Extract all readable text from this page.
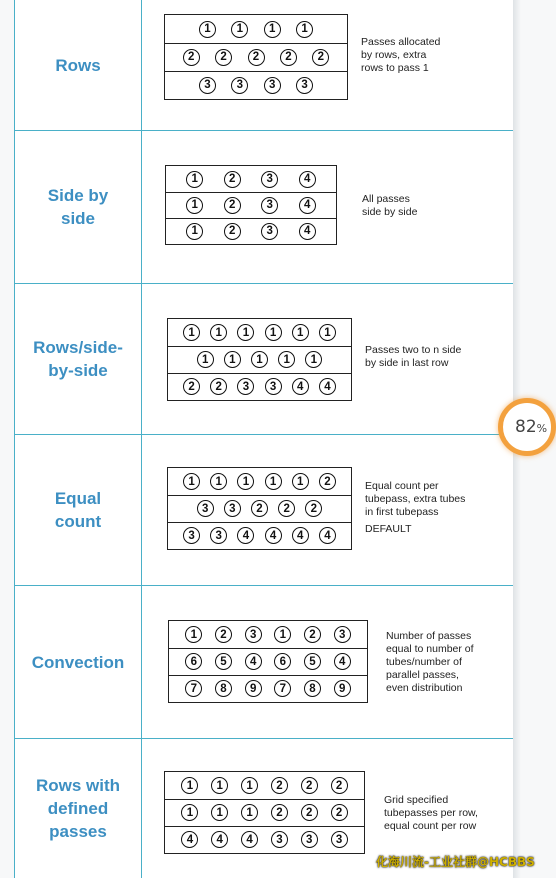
Rows
1	1	1	1
2	2	2	2	2
3	3	3	3
Passes allocated
by rows, extra
rows to pass 1
Side by
side
1	2	3	4
1	2	3	4
1	2	3	4
All passes
side by side
Rows/side-
by-side
1	1	1	1	1	1
1	1	1	1	1
2	2	3	3	4	4
Passes two to n side
by side in last row
Equal
count
1	1	1	1	1	2
3	3	2	2	2
3	3	4	4	4	4
Equal count per
tubepass, extra tubes
in first tubepass
DEFAULT
Convection
1	2	3	1	2	3
6	5	4	6	5	4
7	8	9	7	8	9
Number of passes
equal to number of
tubes/number of
parallel passes,
even distribution
Rows with
defined
passes
1	1	1	2	2	2
1	1	1	2	2	2
4	4	4	3	3	3
Grid specified
tubepasses per row,
equal count per row
82%
化海川流-工业社群@HCBBS
